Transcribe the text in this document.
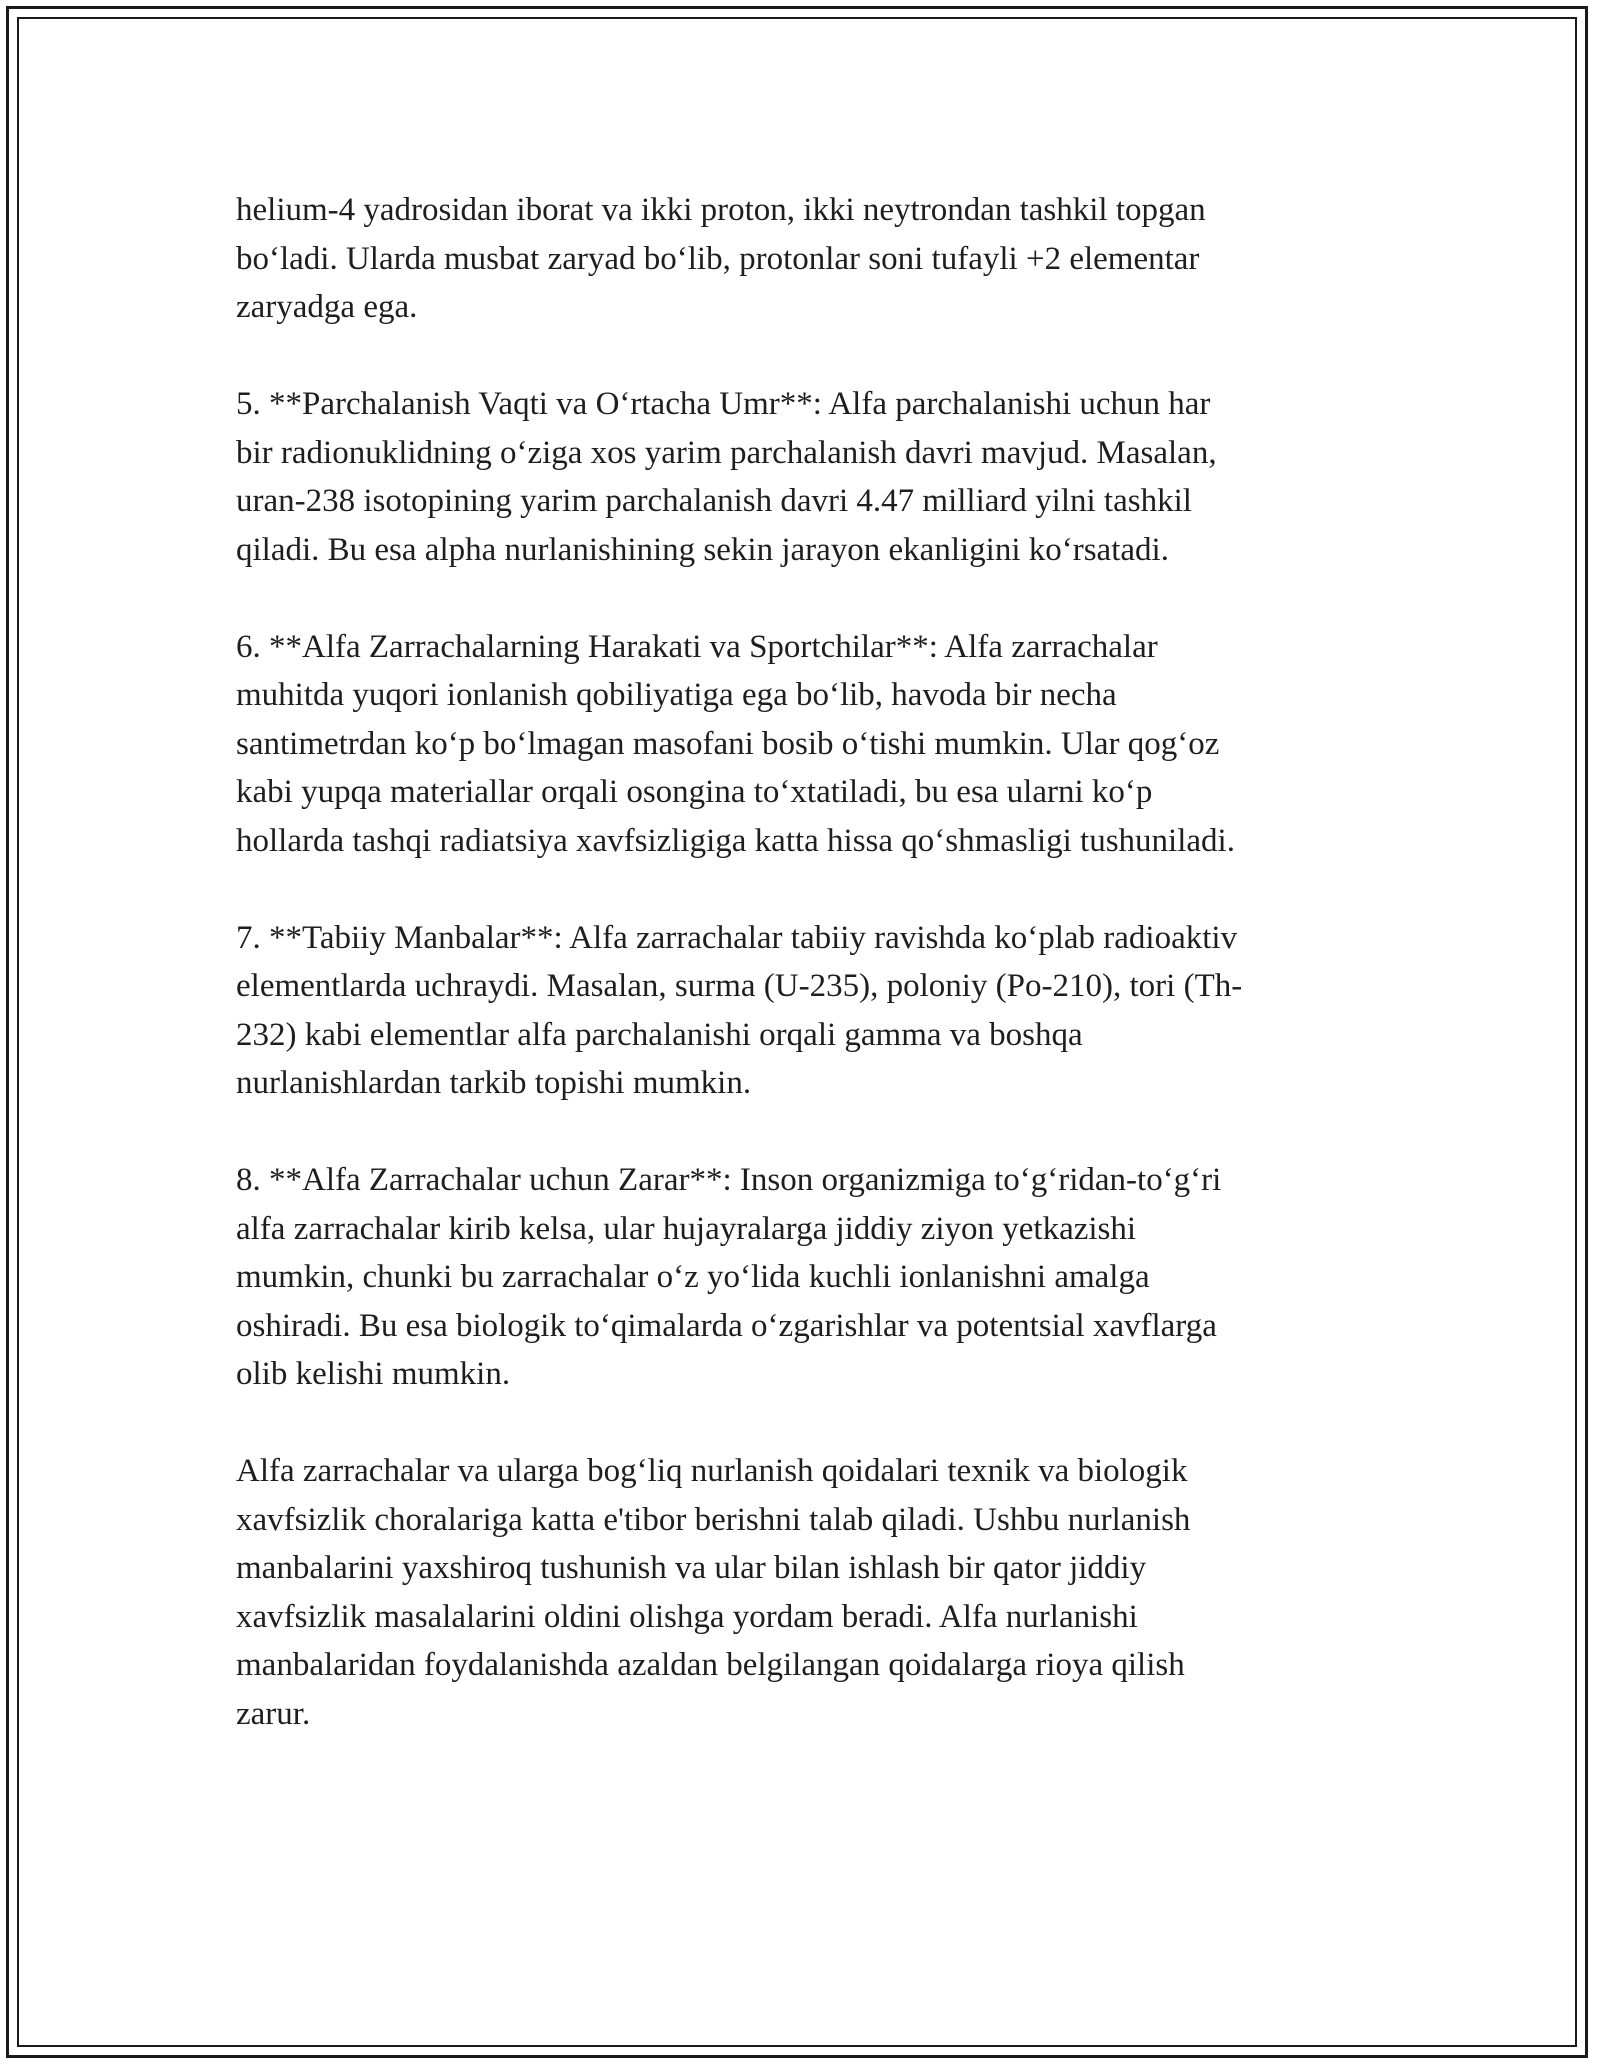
helium-4 yadrosidan iborat va ikki proton, ikki neytrondan tashkil topgan
bo‘ladi. Ularda musbat zaryad bo‘lib, protonlar soni tufayli +2 elementar
zaryadga ega.

5. **Parchalanish Vaqti va O‘rtacha Umr**: Alfa parchalanishi uchun har
bir radionuklidning o‘ziga xos yarim parchalanish davri mavjud. Masalan,
uran-238 isotopining yarim parchalanish davri 4.47 milliard yilni tashkil
qiladi. Bu esa alpha nurlanishining sekin jarayon ekanligini ko‘rsatadi.

6. **Alfa Zarrachalarning Harakati va Sportchilar**: Alfa zarrachalar
muhitda yuqori ionlanish qobiliyatiga ega bo‘lib, havoda bir necha
santimetrdan ko‘p bo‘lmagan masofani bosib o‘tishi mumkin. Ular qog‘oz
kabi yupqa materiallar orqali osongina to‘xtatiladi, bu esa ularni ko‘p
hollarda tashqi radiatsiya xavfsizligiga katta hissa qo‘shmasligi tushuniladi.

7. **Tabiiy Manbalar**: Alfa zarrachalar tabiiy ravishda ko‘plab radioaktiv
elementlarda uchraydi. Masalan, surma (U-235), poloniy (Po-210), tori (Th-
232) kabi elementlar alfa parchalanishi orqali gamma va boshqa
nurlanishlardan tarkib topishi mumkin.

8. **Alfa Zarrachalar uchun Zarar**: Inson organizmiga to‘g‘ridan-to‘g‘ri
alfa zarrachalar kirib kelsa, ular hujayralarga jiddiy ziyon yetkazishi
mumkin, chunki bu zarrachalar o‘z yo‘lida kuchli ionlanishni amalga
oshiradi. Bu esa biologik to‘qimalarda o‘zgarishlar va potentsial xavflarga
olib kelishi mumkin.

Alfa zarrachalar va ularga bog‘liq nurlanish qoidalari texnik va biologik
xavfsizlik choralariga katta e'tibor berishni talab qiladi. Ushbu nurlanish
manbalarini yaxshiroq tushunish va ular bilan ishlash bir qator jiddiy
xavfsizlik masalalarini oldini olishga yordam beradi. Alfa nurlanishi
manbalaridan foydalanishda azaldan belgilangan qoidalarga rioya qilish
zarur.
